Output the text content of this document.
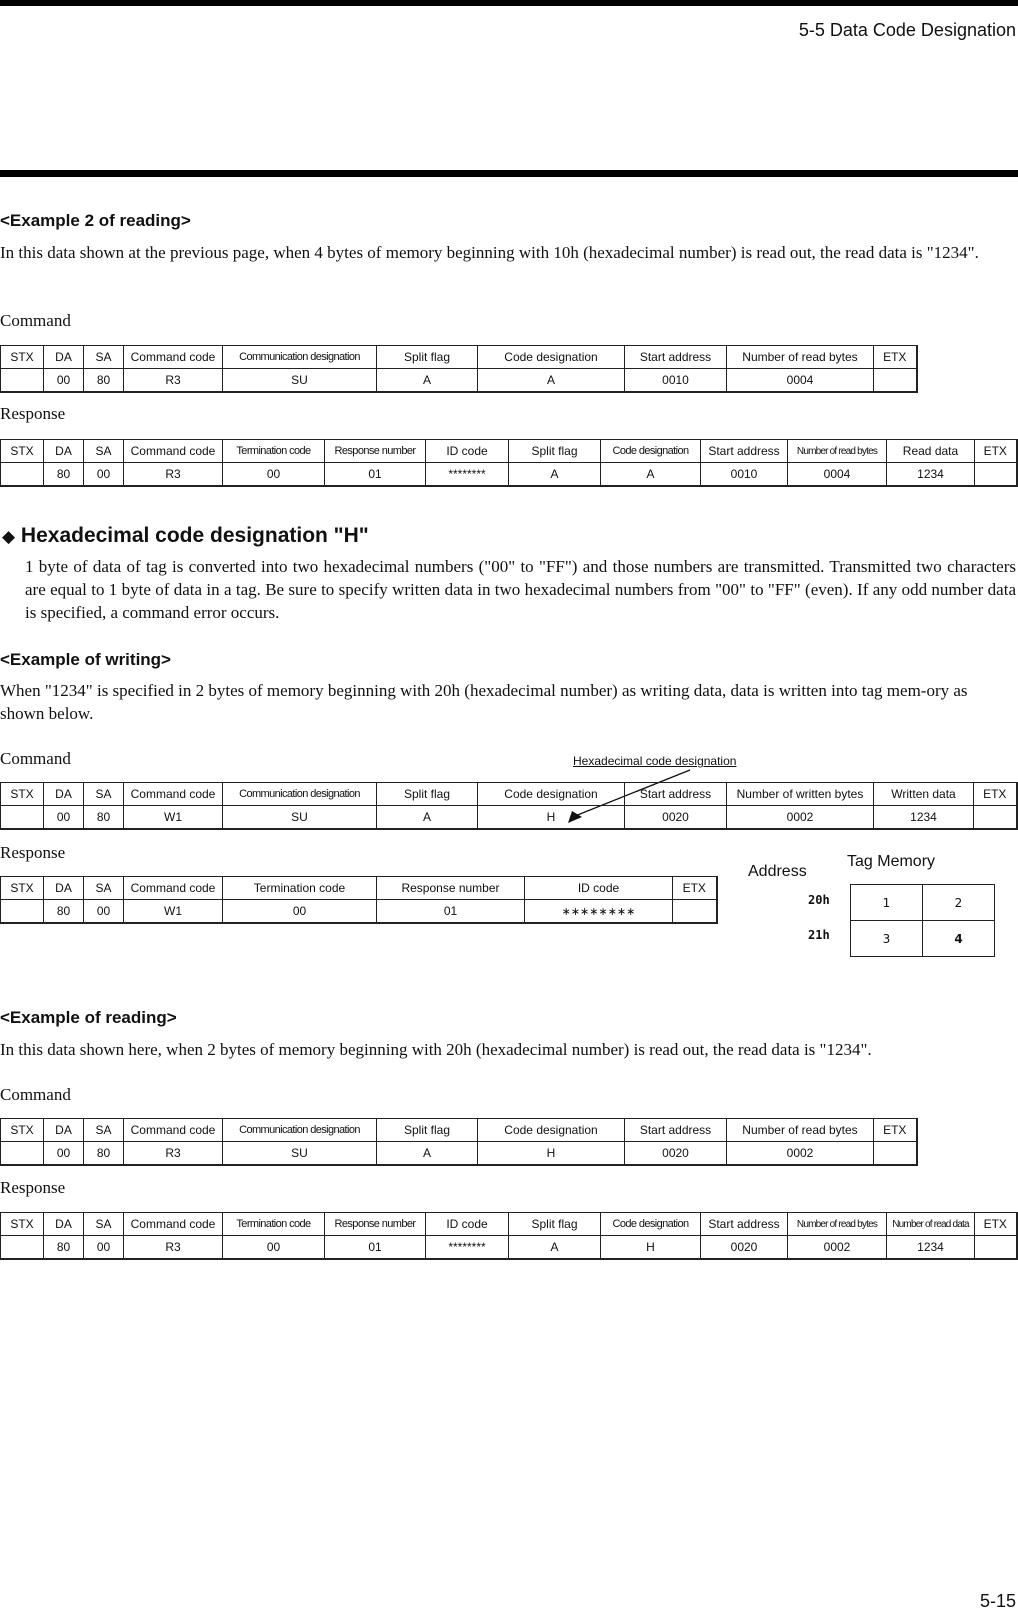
5-5 Data Code Designation
<Example 2 of reading>
In this data shown at the previous page, when 4 bytes of memory beginning with 10h (hexadecimal number) is read out, the read data is "1234".
Command
STX	DA	SA	Command code	Communication designation	Split flag	Code designation	Start address	Number of read bytes	ETX
	00	80	R3	SU	A	A	0010	0004	
Response
STX	DA	SA	Command code	Termination code	Response number	ID code	Split flag	Code designation	Start address	Number of read bytes	Read data	ETX
	80	00	R3	00	01	********	A	A	0010	0004	1234	
◆ Hexadecimal code designation "H"
1 byte of data of tag is converted into two hexadecimal numbers ("00" to "FF") and those numbers are transmitted. Transmitted two characters are equal to 1 byte of data in a tag. Be sure to specify written data in two hexadecimal numbers from "00" to "FF" (even). If any odd number data is specified, a command error occurs.
<Example of writing>
When "1234" is specified in 2 bytes of memory beginning with 20h (hexadecimal number) as writing data, data is written into tag mem-ory as shown below.
Command	Hexadecimal code designation
STX	DA	SA	Command code	Communication designation	Split flag	Code designation	Start address	Number of written bytes	Written data	ETX
	00	80	W1	SU	A	H	0020	0002	1234	
Response
STX	DA	SA	Command code	Termination code	Response number	ID code	ETX
	80	00	W1	00	01	∗∗∗∗∗∗∗∗	
Address
Tag Memory
20h
21h
1	2
3	4
<Example of reading>
In this data shown here, when 2 bytes of memory beginning with 20h (hexadecimal number) is read out, the read data is "1234".
Command
STX	DA	SA	Command code	Communication designation	Split flag	Code designation	Start address	Number of read bytes	ETX
	00	80	R3	SU	A	H	0020	0002	
Response
STX	DA	SA	Command code	Termination code	Response number	ID code	Split flag	Code designation	Start address	Number of read bytes	Number of read data	ETX
	80	00	R3	00	01	********	A	H	0020	0002	1234	
5-15
